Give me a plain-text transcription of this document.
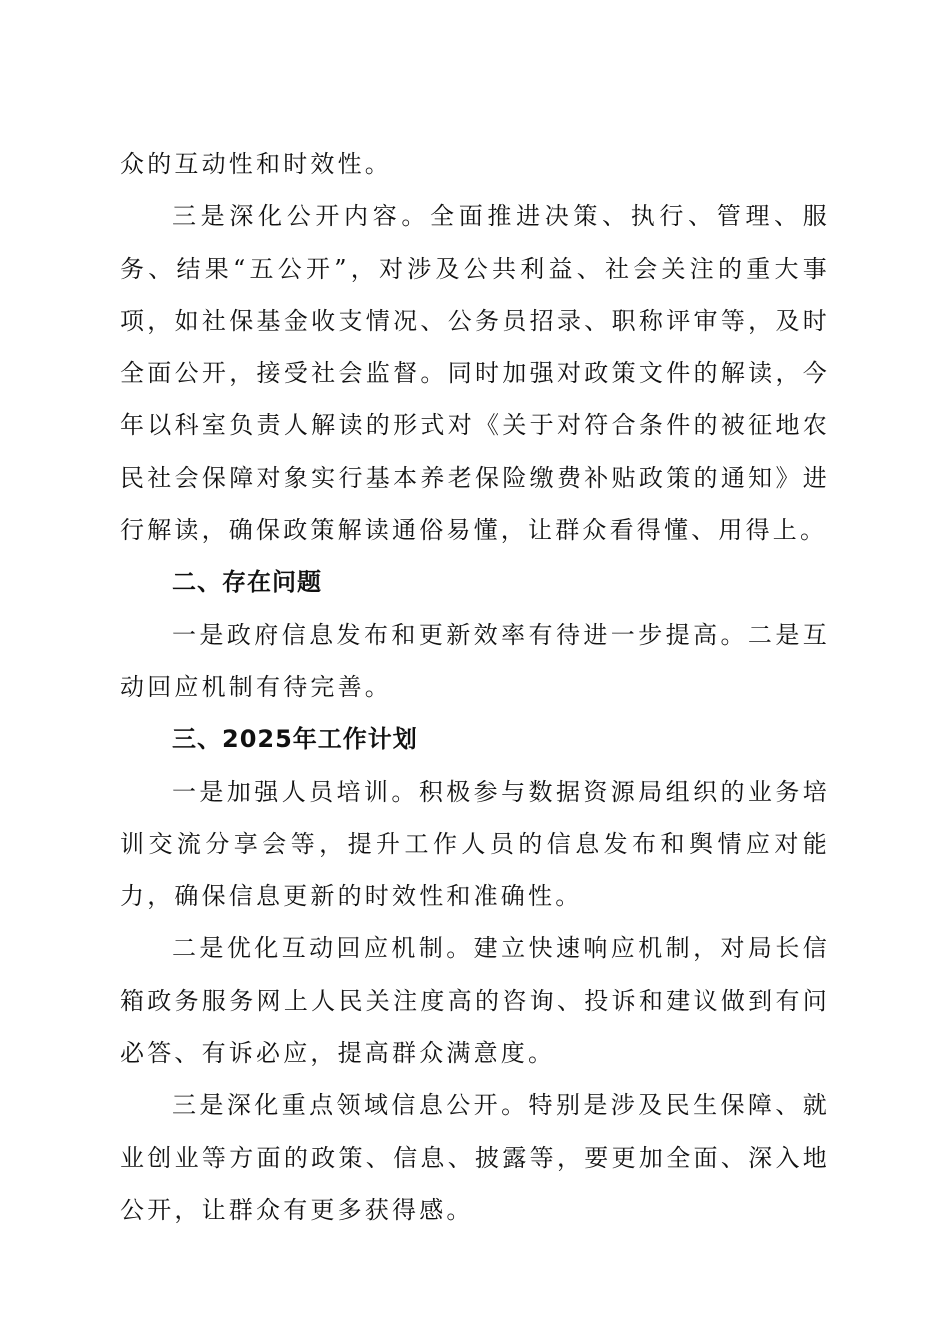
众的互动性和时效性。

三是深化公开内容。全面推进决策、执行、管理、服务、结果“五公开”，对涉及公共利益、社会关注的重大事项，如社保基金收支情况、公务员招录、职称评审等，及时全面公开，接受社会监督。同时加强对政策文件的解读，今年以科室负责人解读的形式对《关于对符合条件的被征地农民社会保障对象实行基本养老保险缴费补贴政策的通知》进行解读，确保政策解读通俗易懂，让群众看得懂、用得上。

二、存在问题

一是政府信息发布和更新效率有待进一步提高。二是互动回应机制有待完善。

三、2025年工作计划

一是加强人员培训。积极参与数据资源局组织的业务培训交流分享会等，提升工作人员的信息发布和舆情应对能力，确保信息更新的时效性和准确性。

二是优化互动回应机制。建立快速响应机制，对局长信箱政务服务网上人民关注度高的咨询、投诉和建议做到有问必答、有诉必应，提高群众满意度。

三是深化重点领域信息公开。特别是涉及民生保障、就业创业等方面的政策、信息、披露等，要更加全面、深入地公开，让群众有更多获得感。
